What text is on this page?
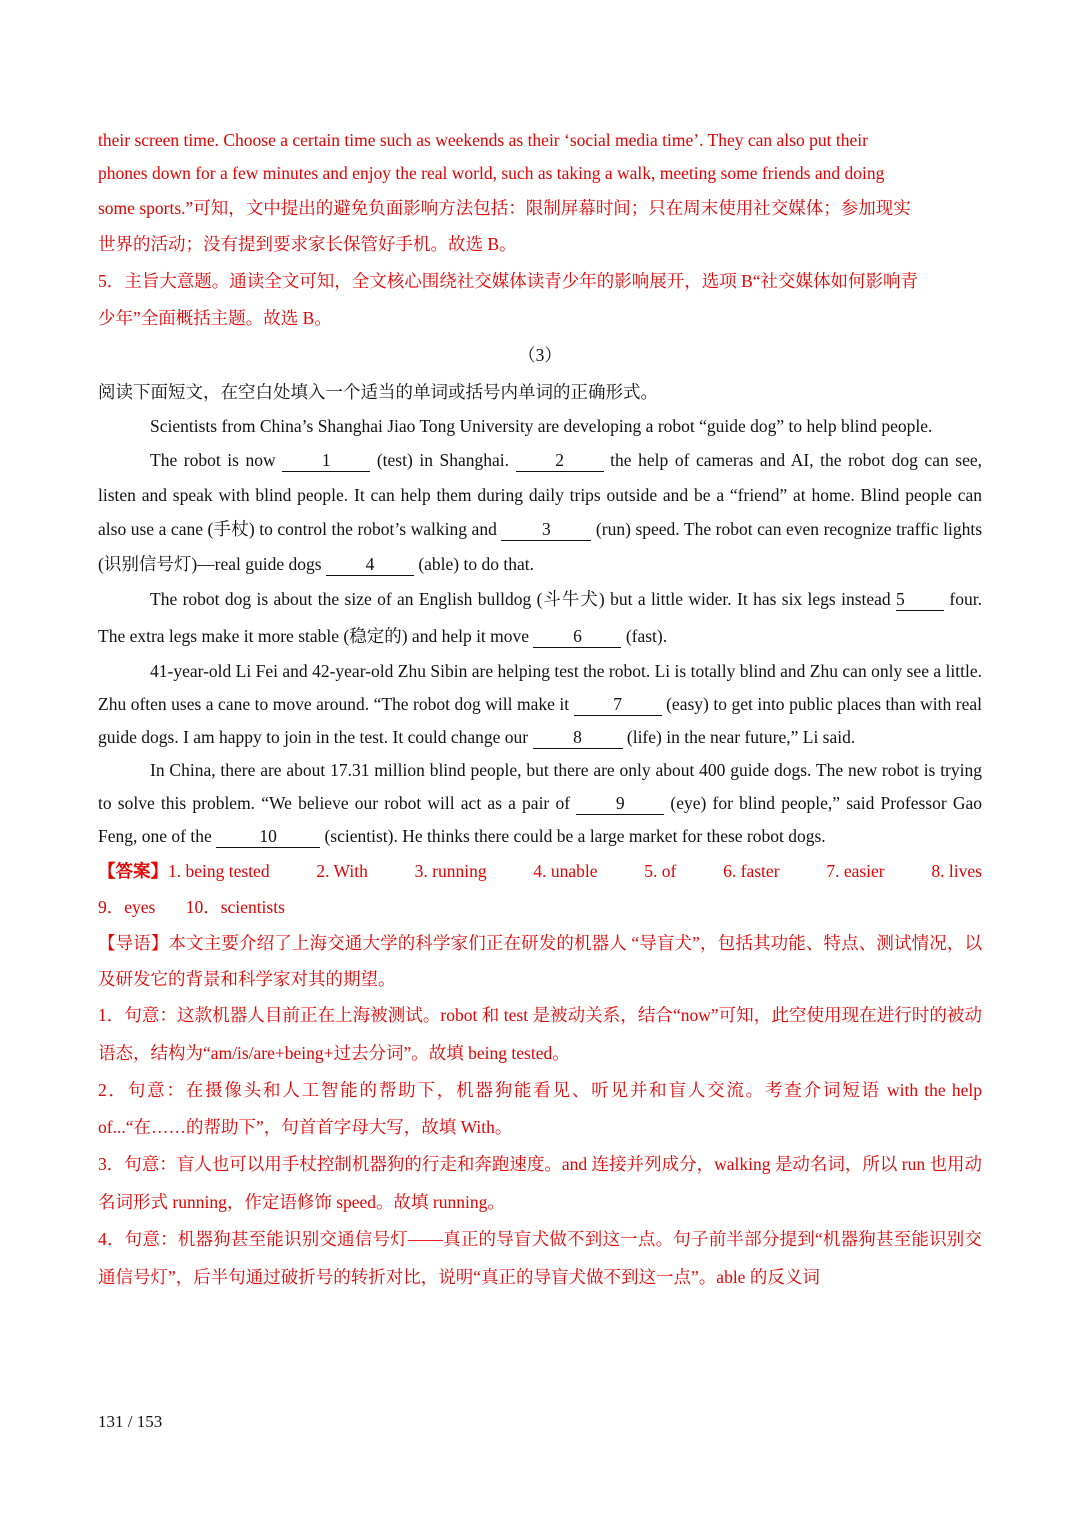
their screen time. Choose a certain time such as weekends as their ‘social media time’. They can also put their

phones down for a few minutes and enjoy the real world, such as taking a walk, meeting some friends and doing

some sports.”可知，文中提出的避免负面影响方法包括：限制屏幕时间；只在周末使用社交媒体；参加现实

世界的活动；没有提到要求家长保管好手机。故选 B。

5．主旨大意题。通读全文可知，全文核心围绕社交媒体读青少年的影响展开，选项 B“社交媒体如何影响青

少年”全面概括主题。故选 B。

（3）

阅读下面短文，在空白处填入一个适当的单词或括号内单词的正确形式。

Scientists from China’s Shanghai Jiao Tong University are developing a robot “guide dog” to help blind people.

The robot is now 1 (test) in Shanghai. 2 the help of cameras and AI, the robot dog can see, listen and speak with blind people. It can help them during daily trips outside and be a “friend” at home. Blind people can also use a cane (手杖) to control the robot’s walking and 3 (run) speed. The robot can even recognize traffic lights (识别信号灯)—real guide dogs 4 (able) to do that.

The robot dog is about the size of an English bulldog (斗牛犬) but a little wider. It has six legs instead 5 four. The extra legs make it more stable (稳定的) and help it move 6 (fast).

41-year-old Li Fei and 42-year-old Zhu Sibin are helping test the robot. Li is totally blind and Zhu can only see a little. Zhu often uses a cane to move around. “The robot dog will make it 7 (easy) to get into public places than with real guide dogs. I am happy to join in the test. It could change our 8 (life) in the near future,” Li said.

In China, there are about 17.31 million blind people, but there are only about 400 guide dogs. The new robot is trying to solve this problem. “We believe our robot will act as a pair of 9 (eye) for blind people,” said Professor Gao Feng, one of the 10 (scientist). He thinks there could be a large market for these robot dogs.

【答案】1. being tested	2. With	3. running	4. unable	5. of	6. faster	7. easier	8. lives
9．eyes 10．scientists

【导语】本文主要介绍了上海交通大学的科学家们正在研发的机器人 “导盲犬”，包括其功能、特点、测试情况，以及研发它的背景和科学家对其的期望。

1．句意：这款机器人目前正在上海被测试。robot 和 test 是被动关系，结合“now”可知，此空使用现在进行时的被动语态，结构为“am/is/are+being+过去分词”。故填 being tested。

2．句意：在摄像头和人工智能的帮助下，机器狗能看见、听见并和盲人交流。考查介词短语 with the help of...“在……的帮助下”，句首首字母大写，故填 With。

3．句意：盲人也可以用手杖控制机器狗的行走和奔跑速度。and 连接并列成分，walking 是动名词，所以 run 也用动名词形式 running，作定语修饰 speed。故填 running。

4．句意：机器狗甚至能识别交通信号灯——真正的导盲犬做不到这一点。句子前半部分提到“机器狗甚至能识别交通信号灯”，后半句通过破折号的转折对比，说明“真正的导盲犬做不到这一点”。able 的反义词

131 / 153
